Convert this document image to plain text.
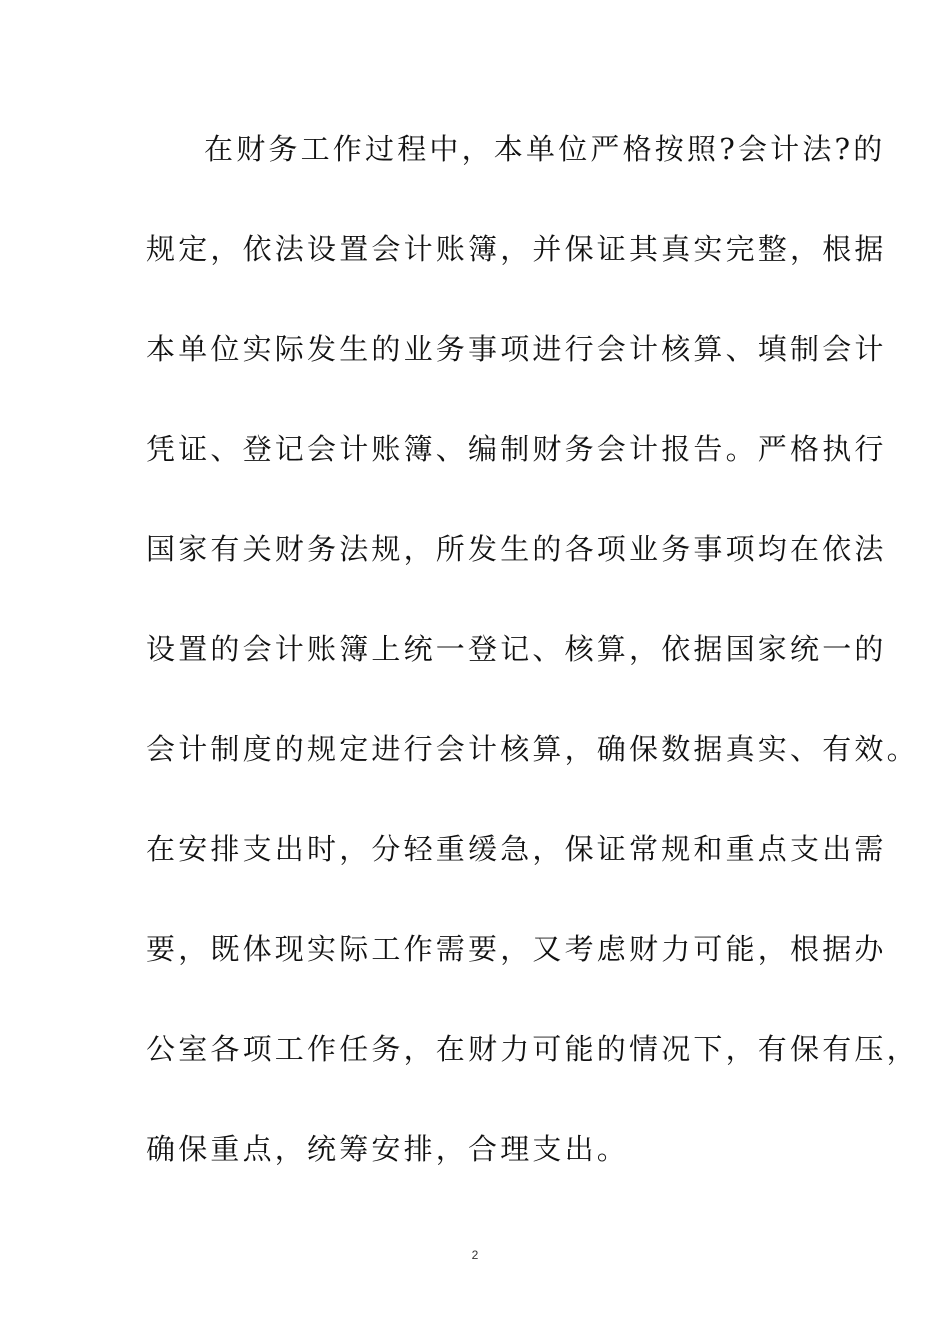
在财务工作过程中，本单位严格按照?会计法?的
规定，依法设置会计账簿，并保证其真实完整，根据
本单位实际发生的业务事项进行会计核算、填制会计
凭证、登记会计账簿、编制财务会计报告。严格执行
国家有关财务法规，所发生的各项业务事项均在依法
设置的会计账簿上统一登记、核算，依据国家统一的
会计制度的规定进行会计核算，确保数据真实、有效。
在安排支出时，分轻重缓急，保证常规和重点支出需
要，既体现实际工作需要，又考虑财力可能，根据办
公室各项工作任务，在财力可能的情况下，有保有压，
确保重点，统筹安排，合理支出。
2
